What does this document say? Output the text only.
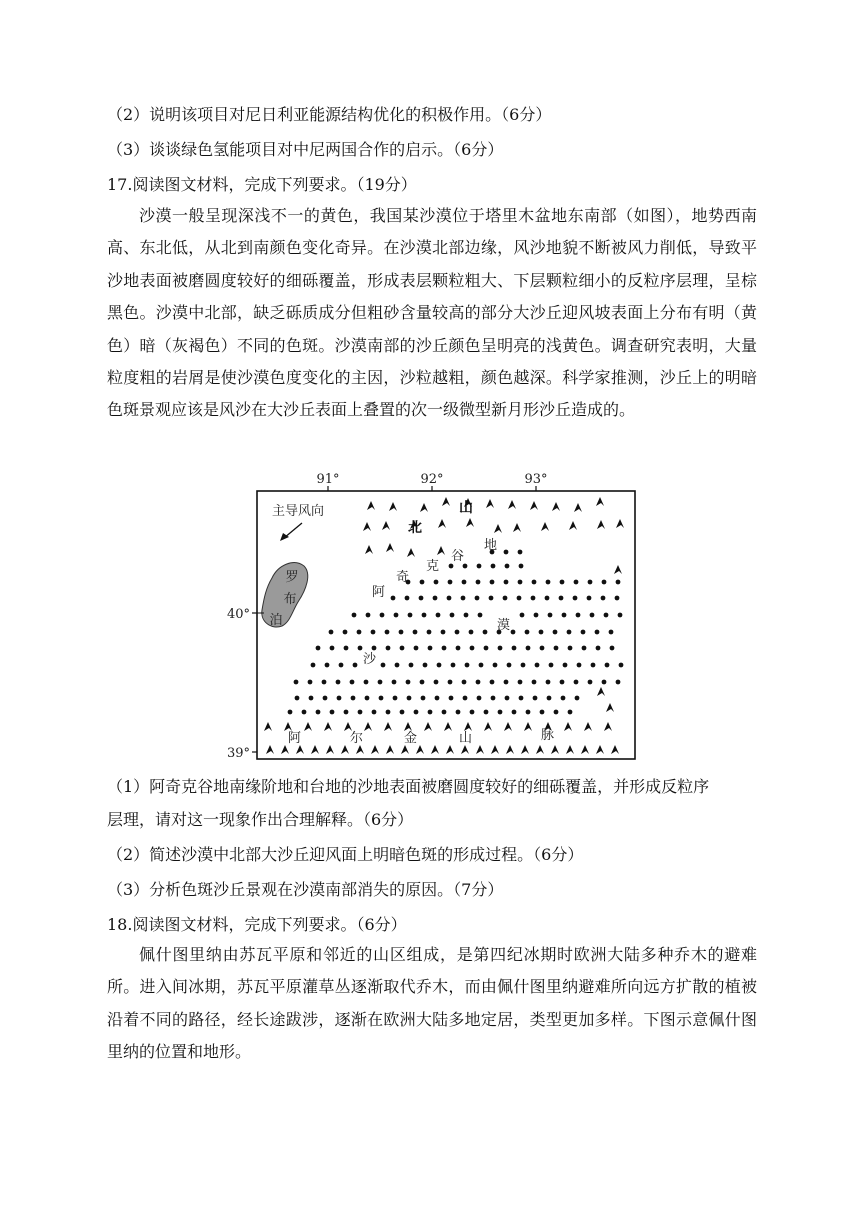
（2）说明该项目对尼日利亚能源结构优化的积极作用。（6分）
（3）谈谈绿色氢能项目对中尼两国合作的启示。（6分）
17.阅读图文材料，完成下列要求。（19分）
沙漠一般呈现深浅不一的黄色，我国某沙漠位于塔里木盆地东南部（如图），地势西南高、东北低，从北到南颜色变化奇异。在沙漠北部边缘，风沙地貌不断被风力削低，导致平沙地表面被磨圆度较好的细砾覆盖，形成表层颗粒粗大、下层颗粒细小的反粒序层理，呈棕黑色。沙漠中北部，缺乏砾质成分但粗砂含量较高的部分大沙丘迎风坡表面上分布有明（黄色）暗（灰褐色）不同的色斑。沙漠南部的沙丘颜色呈明亮的浅黄色。调查研究表明，大量粒度粗的岩屑是使沙漠色度变化的主因，沙粒越粗，颜色越深。科学家推测，沙丘上的明暗色斑景观应该是风沙在大沙丘表面上叠置的次一级微型新月形沙丘造成的。
91°	92°	93°
40°
39°
主导风向
罗
布
泊
北
山
阿
奇
克
谷
地
沙
漠
阿	尔	金	山	脉
（1）阿奇克谷地南缘阶地和台地的沙地表面被磨圆度较好的细砾覆盖，并形成反粒序
层理，请对这一现象作出合理解释。（6分）
（2）简述沙漠中北部大沙丘迎风面上明暗色斑的形成过程。（6分）
（3）分析色斑沙丘景观在沙漠南部消失的原因。（7分）
18.阅读图文材料，完成下列要求。（6分）
佩什图里纳由苏瓦平原和邻近的山区组成，是第四纪冰期时欧洲大陆多种乔木的避难所。进入间冰期，苏瓦平原灌草丛逐渐取代乔木，而由佩什图里纳避难所向远方扩散的植被沿着不同的路径，经长途跋涉，逐渐在欧洲大陆多地定居，类型更加多样。下图示意佩什图里纳的位置和地形。
